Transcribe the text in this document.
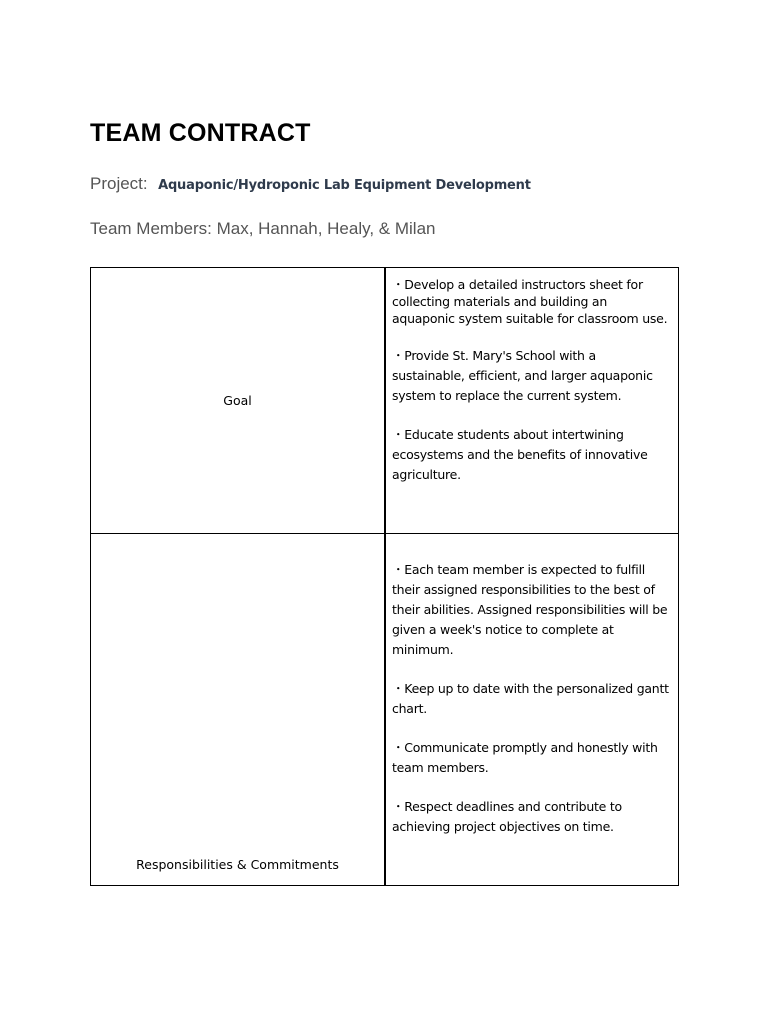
TEAM CONTRACT
Project: Aquaponic/Hydroponic Lab Equipment Development
Team Members: Max, Hannah, Healy, & Milan
Goal	・Develop a detailed instructors sheet for collecting materials and building an aquaponic system suitable for classroom use.

・Provide St. Mary's School with a sustainable, efficient, and larger aquaponic system to replace the current system.

・Educate students about intertwining ecosystems and the benefits of innovative agriculture.

Responsibilities & Commitments	・Each team member is expected to fulfill their assigned responsibilities to the best of their abilities. Assigned responsibilities will be given a week's notice to complete at minimum.

・Keep up to date with the personalized gantt chart.

・Communicate promptly and honestly with team members.

・Respect deadlines and contribute to achieving project objectives on time.
